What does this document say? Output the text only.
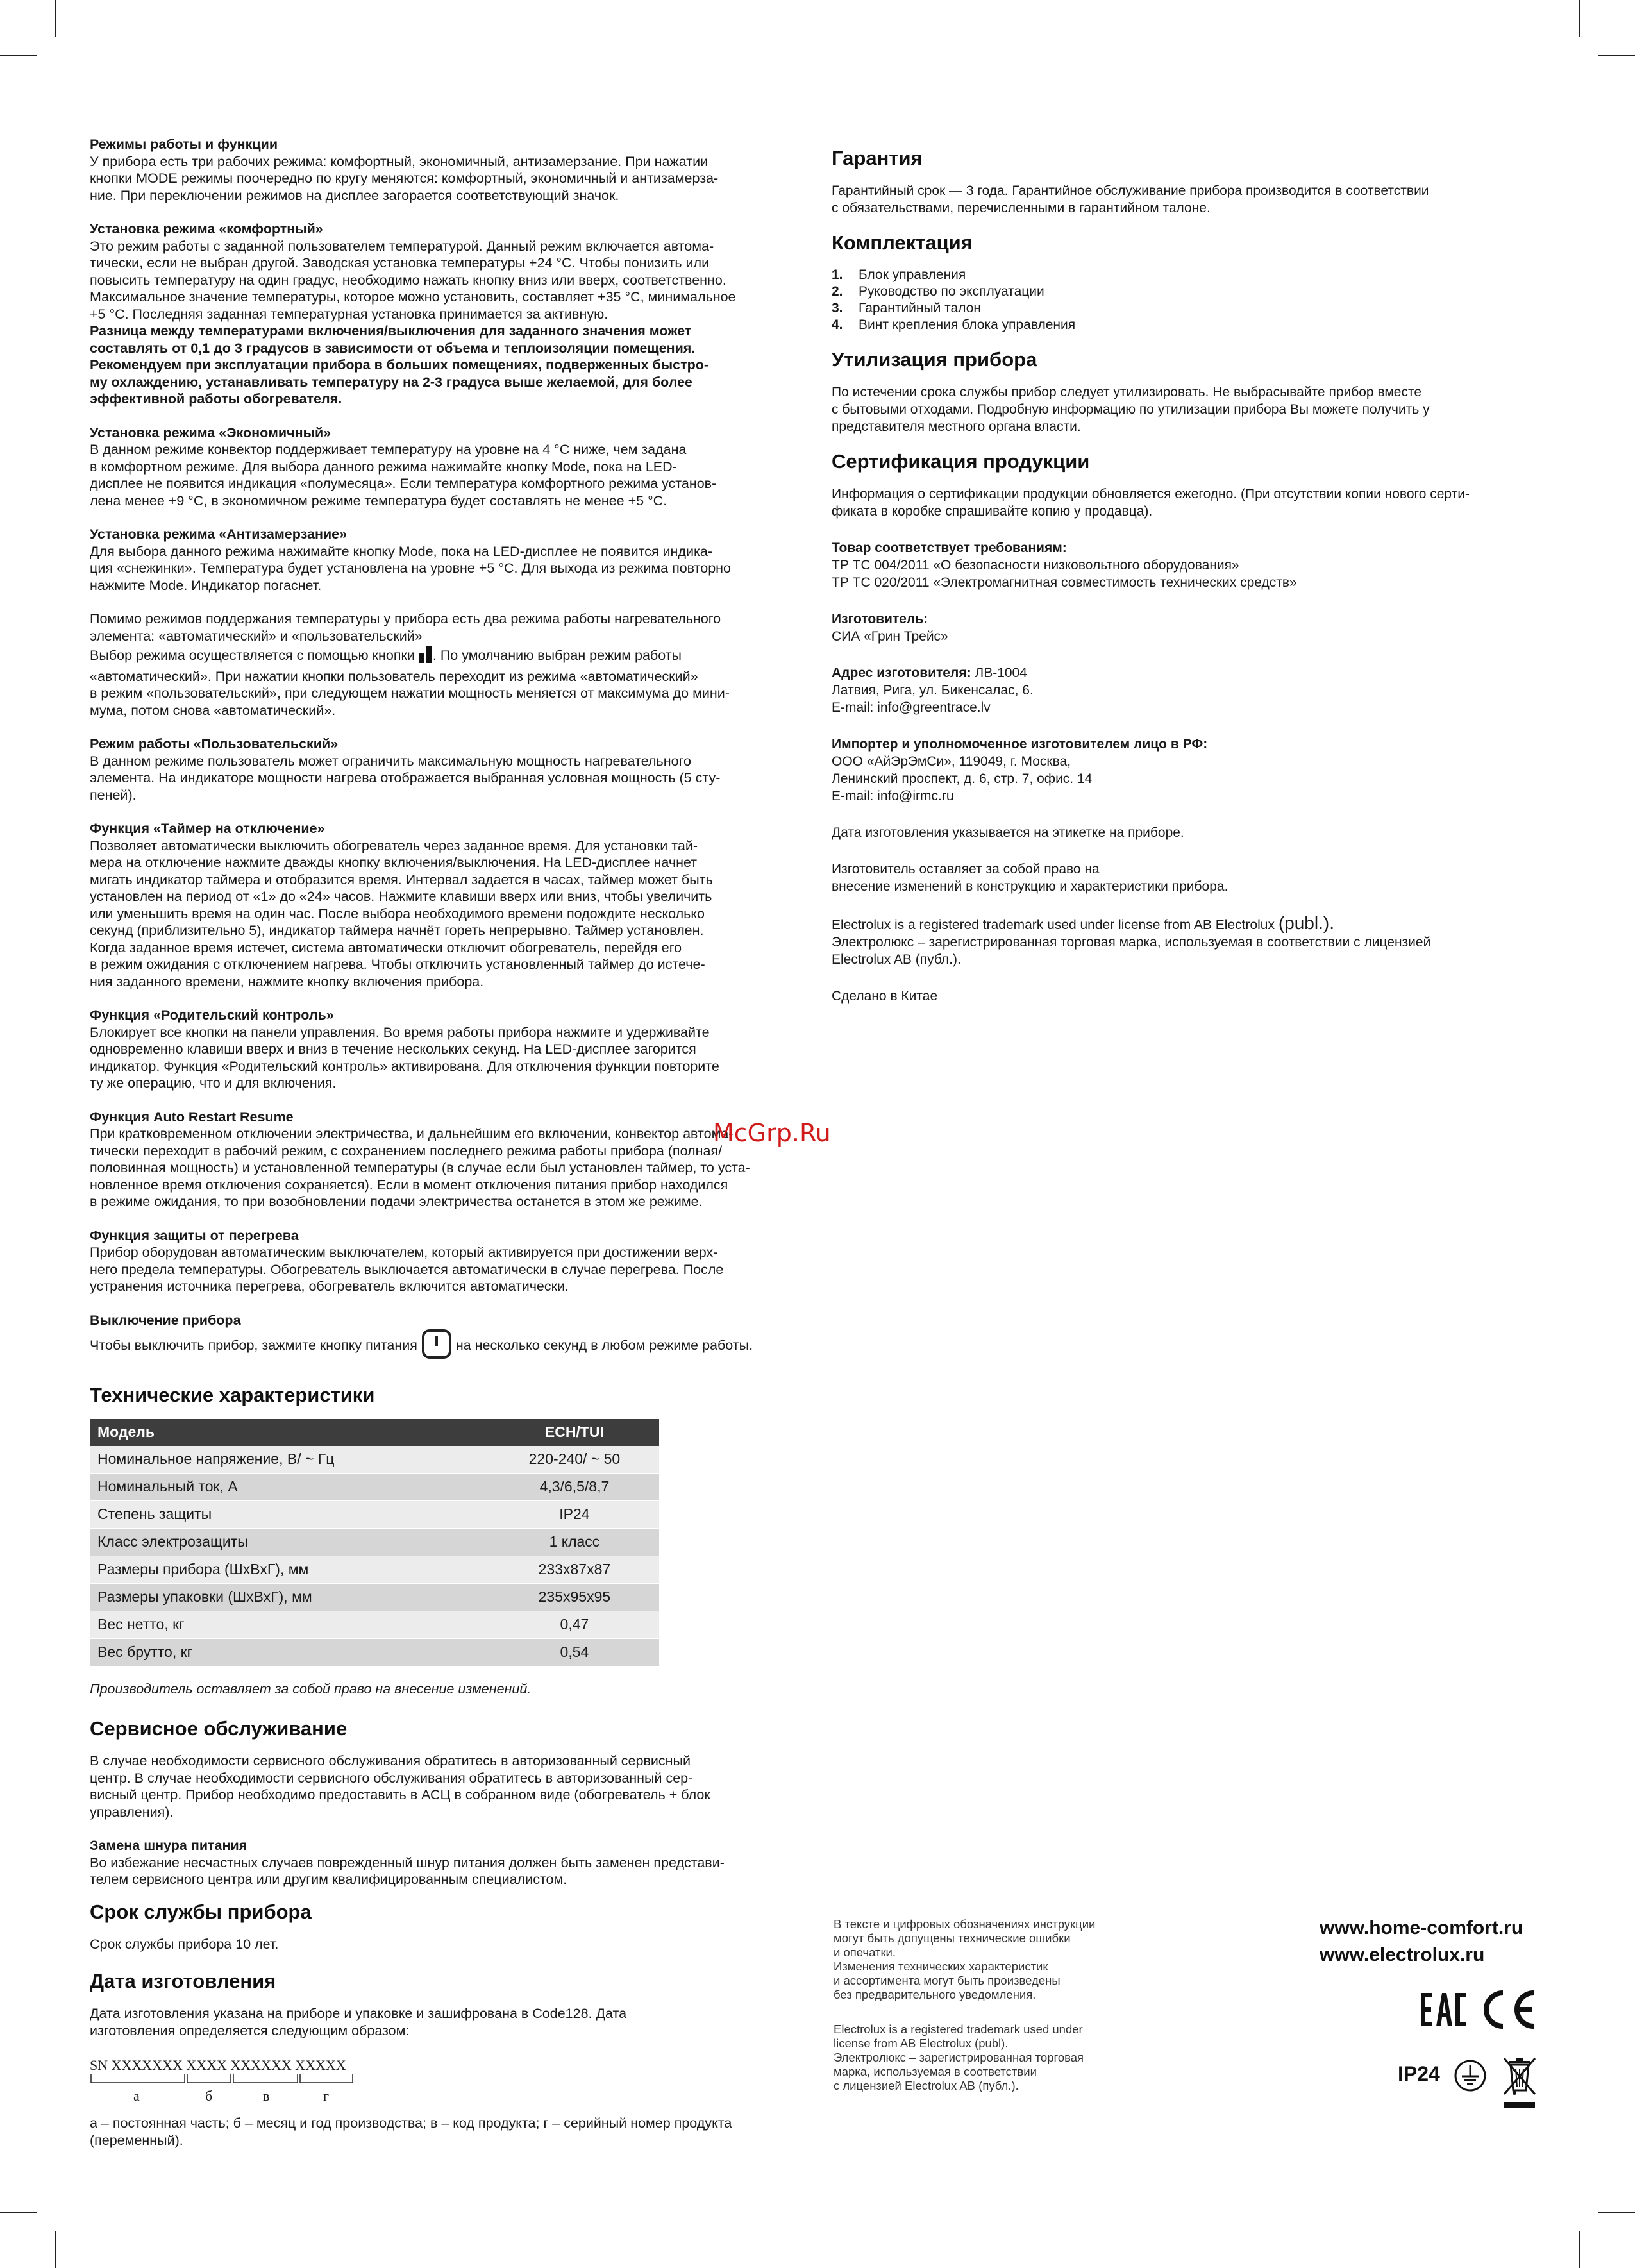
Режимы работы и функции

У прибора есть три рабочих режима: комфортный, экономичный, антизамерзание. При нажатии

кнопки MODE режимы поочередно по кругу меняются: комфортный, экономичный и антизамерза-

ние. При переключении режимов на дисплее загорается соответствующий значок.

Установка режима «комфортный»

Это режим работы с заданной пользователем температурой. Данный режим включается автома-

тически, если не выбран другой. Заводская установка температуры +24 °С. Чтобы понизить или

повысить температуру на один градус, необходимо нажать кнопку вниз или вверх, соответственно.

Максимальное значение температуры, которое можно установить, составляет +35 °С, минимальное

+5 °С. Последняя заданная температурная установка принимается за активную.

Разница между температурами включения/выключения для заданного значения может

составлять от 0,1 до 3 градусов в зависимости от объема и теплоизоляции помещения.

Рекомендуем при эксплуатации прибора в больших помещениях, подверженных быстро-

му охлаждению, устанавливать температуру на 2-3 градуса выше желаемой, для более

эффективной работы обогревателя.

Установка режима «Экономичный»

В данном режиме конвектор поддерживает температуру на уровне на 4 °С ниже, чем задана

в комфортном режиме. Для выбора данного режима нажимайте кнопку Mode, пока на LED-

дисплее не появится индикация «полумесяца». Если температура комфортного режима установ-

лена менее +9 °С, в экономичном режиме температура будет составлять не менее +5 °С.

Установка режима «Антизамерзание»

Для выбора данного режима нажимайте кнопку Mode, пока на LED-дисплее не появится индика-

ция «снежинки». Температура будет установлена на уровне +5 °С. Для выхода из режима повторно

нажмите Mode. Индикатор погаснет.

Помимо режимов поддержания температуры у прибора есть два режима работы нагревательного

элемента: «автоматический» и «пользовательский»

Выбор режима осуществляется с помощью кнопки . По умолчанию выбран режим работы

«автоматический». При нажатии кнопки пользователь переходит из режима «автоматический»

в режим «пользовательский», при следующем нажатии мощность меняется от максимума до мини-

мума, потом снова «автоматический».

Режим работы «Пользовательский»

В данном режиме пользователь может ограничить максимальную мощность нагревательного

элемента. На индикаторе мощности нагрева отображается выбранная условная мощность (5 сту-

пеней).

Функция «Таймер на отключение»

Позволяет автоматически выключить обогреватель через заданное время. Для установки тай-

мера на отключение нажмите дважды кнопку включения/выключения. На LED-дисплее начнет

мигать индикатор таймера и отобразится время. Интервал задается в часах, таймер может быть

установлен на период от «1» до «24» часов. Нажмите клавиши вверх или вниз, чтобы увеличить

или уменьшить время на один час. После выбора необходимого времени подождите несколько

секунд (приблизительно 5), индикатор таймера начнёт гореть непрерывно. Таймер установлен.

Когда заданное время истечет, система автоматически отключит обогреватель, перейдя его

в режим ожидания с отключением нагрева. Чтобы отключить установленный таймер до истече-

ния заданного времени, нажмите кнопку включения прибора.

Функция «Родительский контроль»

Блокирует все кнопки на панели управления. Во время работы прибора нажмите и удерживайте

одновременно клавиши вверх и вниз в течение нескольких секунд. На LED-дисплее загорится

индикатор. Функция «Родительский контроль» активирована. Для отключения функции повторите

ту же операцию, что и для включения.

Функция Auto Restart Resume

При кратковременном отключении электричества, и дальнейшим его включении, конвектор автома-

тически переходит в рабочий режим, с сохранением последнего режима работы прибора (полная/

половинная мощность) и установленной температуры (в случае если был установлен таймер, то уста-

новленное время отключения сохраняется). Если в момент отключения питания прибор находился

в режиме ожидания, то при возобновлении подачи электричества останется в этом же режиме.

Функция защиты от перегрева

Прибор оборудован автоматическим выключателем, который активируется при достижении верх-

него предела температуры. Обогреватель выключается автоматически в случае перегрева. После

устранения источника перегрева, обогреватель включится автоматически.

Выключение прибора

Чтобы выключить прибор, зажмите кнопку питания	на несколько секунд в любом режиме работы.

Технические характеристики
Модель	ECH/TUI
Номинальное напряжение, В/ ~ Гц	220-240/ ~ 50
Номинальный ток, А	4,3/6,5/8,7
Степень защиты	IP24
Класс электрозащиты	1 класс
Размеры прибора (ШхВхГ), мм	233х87х87
Размеры упаковки (ШхВхГ), мм	235х95х95
Вес нетто, кг	0,47
Вес брутто, кг	0,54

Производитель оставляет за собой право на внесение изменений.

Сервисное обслуживание

В случае необходимости сервисного обслуживания обратитесь в авторизованный сервисный

центр. В случае необходимости сервисного обслуживания обратитесь в авторизованный сер-

висный центр. Прибор необходимо предоставить в АСЦ в собранном виде (обогреватель + блок

управления).

Замена шнура питания

Во избежание несчастных случаев поврежденный шнур питания должен быть заменен представи-

телем сервисного центра или другим квалифицированным специалистом.

Срок службы прибора

Срок службы прибора 10 лет.

Дата изготовления

Дата изготовления указана на приборе и упаковке и зашифрована в Code128. Дата

изготовления определяется следующим образом:

SN XXXXXXX XXXX XXXXXX XXXXX
а	б	в	г

а – постоянная часть; б – месяц и год производства; в – код продукта; г – серийный номер продукта

(переменный).

Гарантия

Гарантийный срок — 3 года. Гарантийное обслуживание прибора производится в соответствии

с обязательствами, перечисленными в гарантийном талоне.

Комплектация
1. Блок управления
2. Руководство по эксплуатации
3. Гарантийный талон
4. Винт крепления блока управления
Утилизация прибора

По истечении срока службы прибор следует утилизировать. Не выбрасывайте прибор вместе

с бытовыми отходами. Подробную информацию по утилизации прибора Вы можете получить у

представителя местного органа власти.

Сертификация продукции

Информация о сертификации продукции обновляется ежегодно. (При отсутствии копии нового серти-

фиката в коробке спрашивайте копию у продавца).

Товар соответствует требованиям:

ТР ТС 004/2011 «О безопасности низковольтного оборудования»

ТР ТС 020/2011 «Электромагнитная совместимость технических средств»

Изготовитель:

СИА «Грин Трейс»

Адрес изготовителя: ЛВ-1004

Латвия, Рига, ул. Бикенсалас, 6.

E-mail: info@greentrace.lv

Импортер и уполномоченное изготовителем лицо в РФ:

ООО «АйЭрЭмСи», 119049, г. Москва,

Ленинский проспект, д. 6, стр. 7, офис. 14

E-mail: info@irmc.ru

Дата изготовления указывается на этикетке на приборе.

Изготовитель оставляет за собой право на

внесение изменений в конструкцию и характеристики прибора.

Electrolux is a registered trademark used under license from AB Electrolux (publ.).

Электролюкс – зарегистрированная торговая марка, используемая в соответствии с лицензией

Electrolux AB (публ.).

Сделано в Китае

McGrp.Ru

В тексте и цифровых обозначениях инструкции

могут быть допущены технические ошибки

и опечатки.

Изменения технических характеристик

и ассортимента могут быть произведены

без предварительного уведомления.

Electrolux is a registered trademark used under

license from AB Electrolux (publ).

Электролюкс – зарегистрированная торговая

марка, используемая в соответствии

с лицензией Electrolux AB (публ.).

www.home-comfort.ru

www.electrolux.ru

EAC
CE
IP24
